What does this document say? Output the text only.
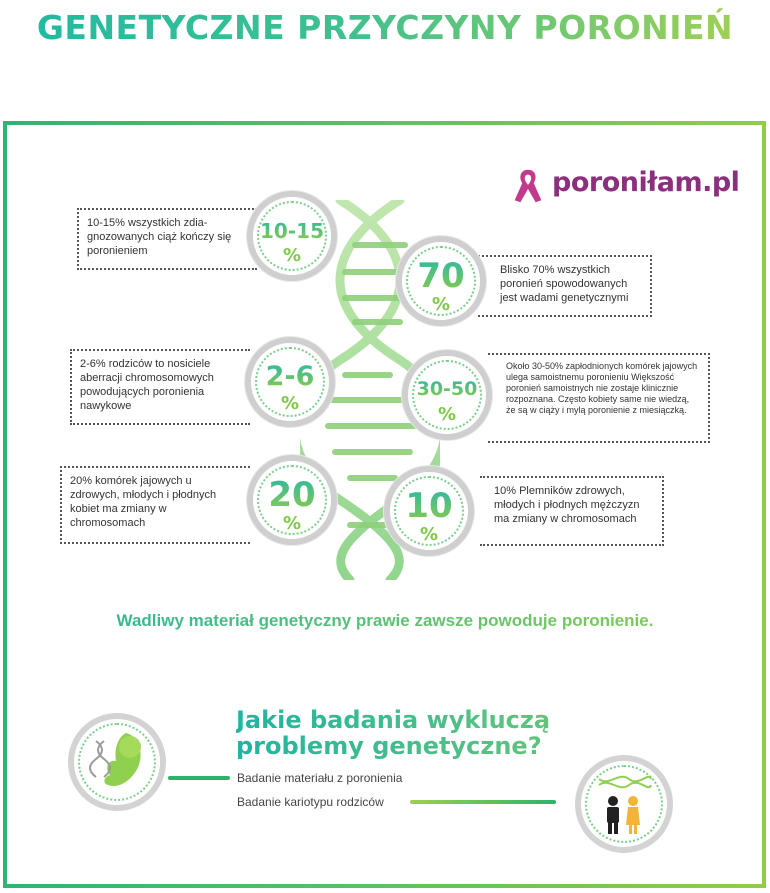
GENETYCZNE PRZYCZYNY PORONIEŃ
poroniłam.pl
10-15% wszystkich zdia-gnozowanych ciąż kończy się poronieniem
Blisko 70% wszystkich poronień spowodowanych jest wadami genetycznymi
2-6% rodziców to nosiciele aberracji chromosomowych powodujących poronienia nawykowe
Około 30-50% zapłodnionych komórek jajowych ulega samoistnemu poronieniu Większość poronień samoistnych nie zostaje klinicznie rozpoznana. Często kobiety same nie wiedzą, że są w ciąży i mylą poronienie z miesiączką.
20% komórek jajowych u zdrowych, młodych i płodnych kobiet ma zmiany w chromosomach
10% Plemników zdrowych, młodych i płodnych mężczyzn ma zmiany w chromosomach
10-15
%
70
%
2-6
%
30-50
%
20
%	10
%
Wadliwy materiał genetyczny prawie zawsze powoduje poronienie.
Jakie badania wykluczą
problemy genetyczne?
Badanie materiału z poronienia
Badanie kariotypu rodziców
